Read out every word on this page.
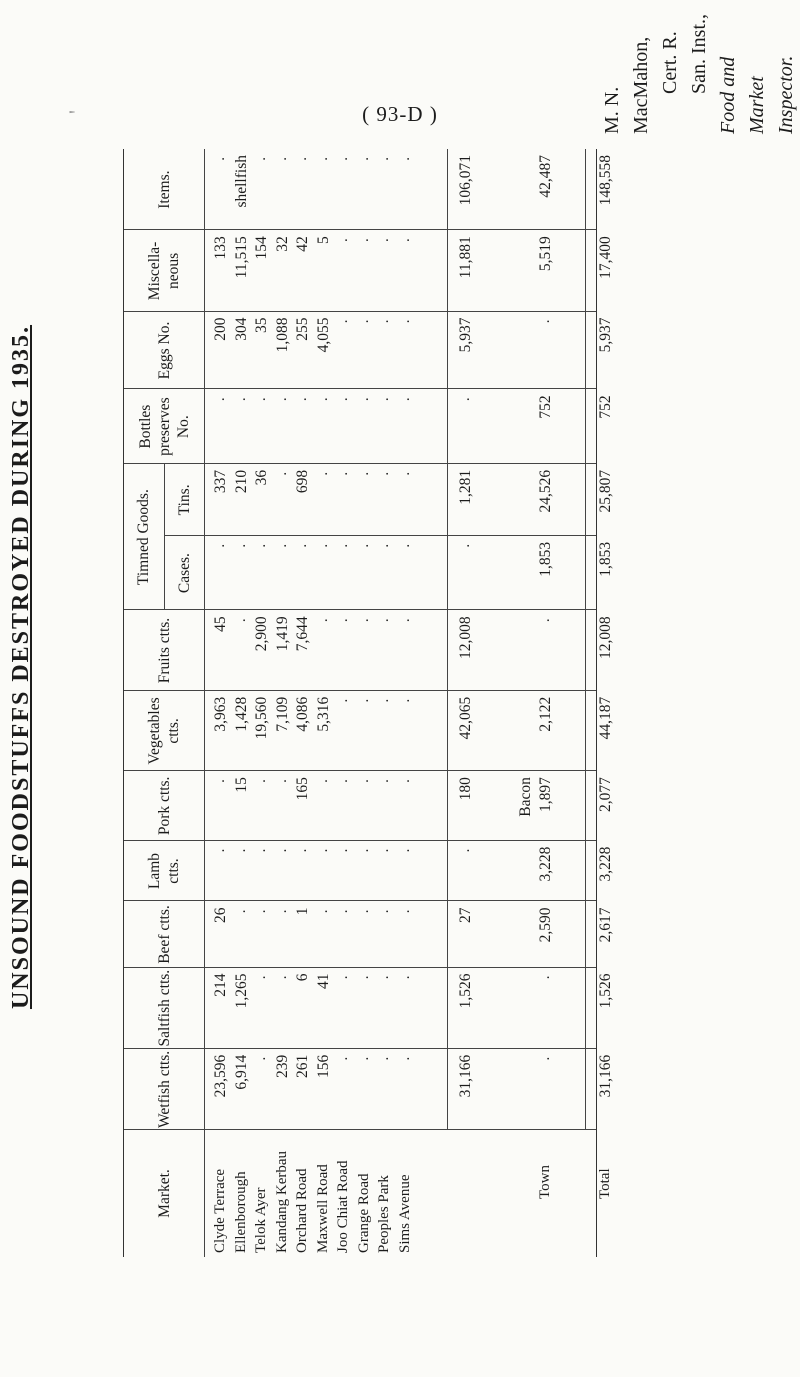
( 93-D )
'
UNSOUND FOODSTUFFS DESTROYED DURING 1935.
Market.
Wetfish ctts.
Saltfish ctts.
Beef ctts.
Lamb ctts.
Pork ctts.
Vegetables ctts.
Fruits ctts.
Bottles preserves No.
Eggs No.
Miscella- neous
Items.
Timned Goods. Cases.
Tins.
Clyde Terrace
23,596
214
26
.
.
3,963
45
.
337
.
200
133
.
Ellenborough
6,914
1,265
.
.
15
1,428
.
.
210
.
304
11,515
shellfish
Telok Ayer
.
.
.
.
.
19,560
2,900
.
36
.
35
154
.
Kandang Kerbau
239
.
.
.
.
7,109
1,419
.
.
.
1,088
32
.
Orchard Road
261
6
1
.
165
4,086
7,644
.
698
.
255
42
.
Maxwell Road
156
41
.
.
.
5,316
.
.
.
.
4,055
5
.
Joo Chiat Road
.
.
.
.
.
.
.
.
.
.
.
.
.
Grange Road
.
.
.
.
.
.
.
.
.
.
.
.
.
Peoples Park
.
.
.
.
.
.
.
.
.
.
.
.
.
Sims Avenue
.
.
.
.
.
.
.
.
.
.
.
.
.
31,166
1,526
27
.
180
42,065
12,008
.
1,281
.
5,937
11,881
106,071
Town
.
.
2,590
3,228
1,897
2,122
.
1,853
24,526
752
.
5,519
42,487
Total
31,166
1,526
2,617
3,228
2,077
44,187
12,008
1,853
25,807
752
5,937
17,400
148,558
Bacon
M. N. MacMahon, Cert. R. San. Inst.,
Food and Market Inspector.
